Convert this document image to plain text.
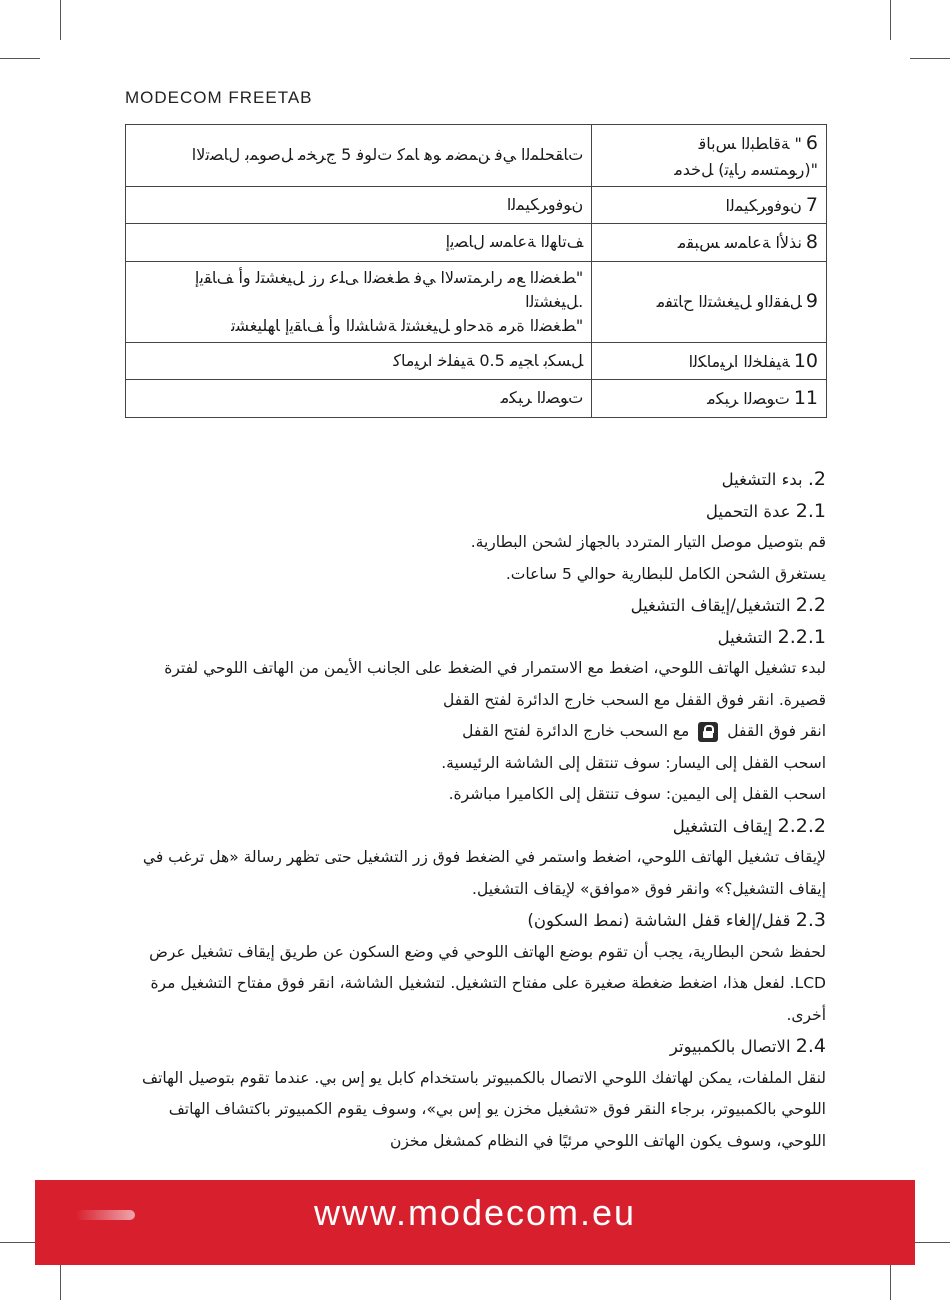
MODECOM FREETAB
ﺕﺎﻘﺤﻠﻤﻟا ﻲﻓ ﻦﻤﻀﻣ ﻮﻫ ﺎﻤﻛ ﺕﻟﻮﻓ 5 جﺮﺨﻣ ﻞﺻﻮﻤﺑ لﺎﺼﺗﻻا	6" ﺔﻗﺎﻄﺒﻟا ﺲﺑﺎﻗ
"(رﻮﻤﺘﺴﻣ رﺎﻴﺗ) ﻞﺧﺪﻣ
نﻮﻓوﺮﻜﻴﻤﻟا	7نﻮﻓوﺮﻜﻴﻤﻟا
ﻒﺗﺎﻬﻟا ﺔﻋﺎﻤﺳ لﺎﺼﻳإ	8نذﻷا ﺔﻋﺎﻤﺳ ﺲﺒﻘﻣ
"ﻂﻐﻀﻟا ﻊﻣ راﺮﻤﺘﺳﻻا ﻲﻓ ﻂﻐﻀﻟا ﻰﻠﻋ رز ﻞﻴﻐﺸﺘﻟ وأ ﻒﺎﻘﻳإ
.ﻞﻴﻐﺸﺘﻟا
"ﻂﻐﻀﻟا ةﺮﻣ ةﺪﺣاو ﻞﻴﻐﺸﺘﻟ ﺔﺷﺎﺸﻟا وأ ﻒﺎﻘﻳإ ﺎﻬﻠﻴﻐﺸﺗ	9ﻞﻔﻘﻟاو ﻞﻴﻐﺸﺘﻟا حﺎﺘﻔﻣ
ﻞﺴﻜﺑ ﺎﺠﻴﻣ 0.5 ﺔﻴﻔﻠﺧ اﺮﻴﻣﺎﻛ	10ﺔﻴﻔﻠﺨﻟا اﺮﻴﻣﺎﻜﻟا
ﺕﻮﺼﻟا ﺮﺒﻜﻣ	11ﺕﻮﺼﻟا ﺮﺒﻜﻣ

2. بدء التشغيل

2.1 عدة التحميل

قم بتوصيل موصل التيار المتردد بالجهاز لشحن البطارية.

يستغرق الشحن الكامل للبطارية حوالي 5 ساعات.

2.2 التشغيل/إيقاف التشغيل

2.2.1 التشغيل

لبدء تشغيل الهاتف اللوحي، اضغط مع الاستمرار في الضغط على الجانب الأيمن من الهاتف اللوحي لفترة قصيرة. انقر فوق القفل مع السحب خارج الدائرة لفتح القفل

انقر فوق القفل  مع السحب خارج الدائرة لفتح القفل

اسحب القفل إلى اليسار: سوف تنتقل إلى الشاشة الرئيسية.

اسحب القفل إلى اليمين: سوف تنتقل إلى الكاميرا مباشرة.

2.2.2 إيقاف التشغيل

لإيقاف تشغيل الهاتف اللوحي، اضغط واستمر في الضغط فوق زر التشغيل حتى تظهر رسالة «هل ترغب في إيقاف التشغيل؟» وانقر فوق «موافق» لإيقاف التشغيل.

2.3 قفل/إلغاء قفل الشاشة (نمط السكون)

لحفظ شحن البطارية، يجب أن تقوم بوضع الهاتف اللوحي في وضع السكون عن طريق إيقاف تشغيل عرض LCD. لفعل هذا، اضغط ضغطة صغيرة على مفتاح التشغيل. لتشغيل الشاشة، انقر فوق مفتاح التشغيل مرة أخرى.

2.4 الاتصال بالكمبيوتر

لنقل الملفات، يمكن لهاتفك اللوحي الاتصال بالكمبيوتر باستخدام كابل يو إس بي. عندما تقوم بتوصيل الهاتف اللوحي بالكمبيوتر، برجاء النقر فوق «تشغيل مخزن يو إس بي»، وسوف يقوم الكمبيوتر باكتشاف الهاتف اللوحي، وسوف يكون الهاتف اللوحي مرئيًا في النظام كمشغل مخزن

www.modecom.eu
